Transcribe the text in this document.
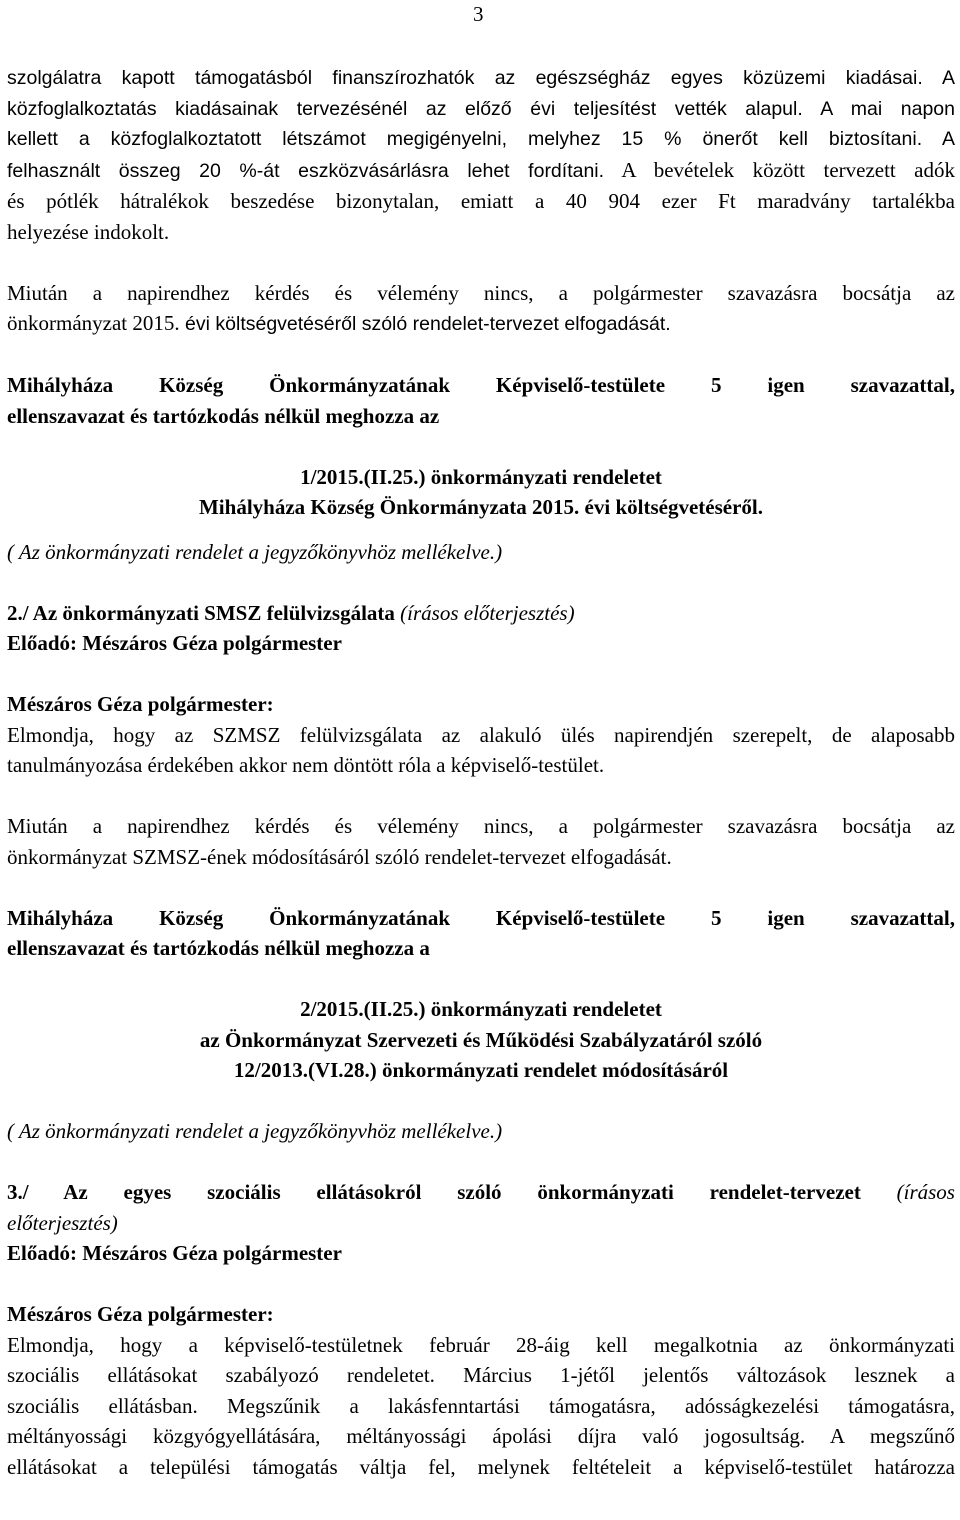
3
szolgálatra kapott támogatásból finanszírozhatók az egészségház egyes közüzemi kiadásai. A
közfoglalkoztatás kiadásainak tervezésénél az előző évi teljesítést vették alapul. A mai napon
kellett a közfoglalkoztatott létszámot megigényelni, melyhez 15 % önerőt kell biztosítani. A
felhasznált összeg 20 %-át eszközvásárlásra lehet fordítani. A bevételek között tervezett adók
és pótlék hátralékok beszedése bizonytalan, emiatt a 40 904 ezer Ft maradvány tartalékba
helyezése indokolt.
Miután a napirendhez kérdés és vélemény nincs, a polgármester szavazásra bocsátja az
önkormányzat 2015. évi költségvetéséről szóló rendelet-tervezet elfogadását.
Mihályháza Község Önkormányzatának Képviselő-testülete 5 igen szavazattal,
ellenszavazat és tartózkodás nélkül meghozza az
1/2015.(II.25.) önkormányzati rendeletet
Mihályháza Község Önkormányzata 2015. évi költségvetéséről.
( Az önkormányzati rendelet a jegyzőkönyvhöz mellékelve.)
2./ Az önkormányzati SMSZ felülvizsgálata (írásos előterjesztés)
Előadó: Mészáros Géza polgármester
Mészáros Géza polgármester:
Elmondja, hogy az SZMSZ felülvizsgálata az alakuló ülés napirendjén szerepelt, de alaposabb
tanulmányozása érdekében akkor nem döntött róla a képviselő-testület.
Miután a napirendhez kérdés és vélemény nincs, a polgármester szavazásra bocsátja az
önkormányzat SZMSZ-ének módosításáról szóló rendelet-tervezet elfogadását.
Mihályháza Község Önkormányzatának Képviselő-testülete 5 igen szavazattal,
ellenszavazat és tartózkodás nélkül meghozza a
2/2015.(II.25.) önkormányzati rendeletet
az Önkormányzat Szervezeti és Működési Szabályzatáról szóló
12/2013.(VI.28.) önkormányzati rendelet módosításáról
( Az önkormányzati rendelet a jegyzőkönyvhöz mellékelve.)
3./ Az egyes szociális ellátásokról szóló önkormányzati rendelet-tervezet (írásos
előterjesztés)
Előadó: Mészáros Géza polgármester
Mészáros Géza polgármester:
Elmondja, hogy a képviselő-testületnek február 28-áig kell megalkotnia az önkormányzati
szociális ellátásokat szabályozó rendeletet. Március 1-jétől jelentős változások lesznek a
szociális ellátásban. Megszűnik a lakásfenntartási támogatásra, adósságkezelési támogatásra,
méltányossági közgyógyellátására, méltányossági ápolási díjra való jogosultság. A megszűnő
ellátásokat a települési támogatás váltja fel, melynek feltételeit a képviselő-testület határozza
